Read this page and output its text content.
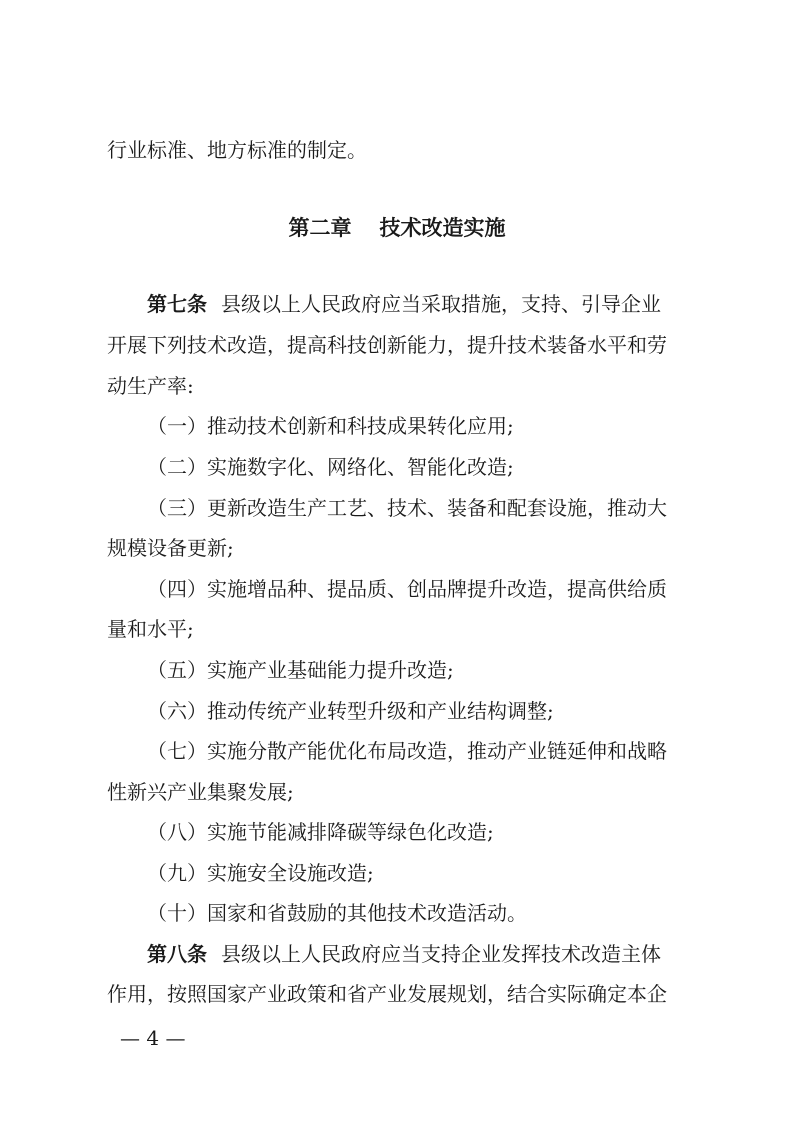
行业标准、地方标准的制定。
第二章 技术改造实施
第七条 县级以上人民政府应当采取措施，支持、引导企业
开展下列技术改造，提高科技创新能力，提升技术装备水平和劳
动生产率:
（一）推动技术创新和科技成果转化应用;
（二）实施数字化、网络化、智能化改造;
（三）更新改造生产工艺、技术、装备和配套设施，推动大
规模设备更新;
（四）实施增品种、提品质、创品牌提升改造，提高供给质
量和水平;
（五）实施产业基础能力提升改造;
（六）推动传统产业转型升级和产业结构调整;
（七）实施分散产能优化布局改造，推动产业链延伸和战略
性新兴产业集聚发展;
（八）实施节能减排降碳等绿色化改造;
（九）实施安全设施改造;
（十）国家和省鼓励的其他技术改造活动。
第八条 县级以上人民政府应当支持企业发挥技术改造主体
作用，按照国家产业政策和省产业发展规划，结合实际确定本企
— 4 —
